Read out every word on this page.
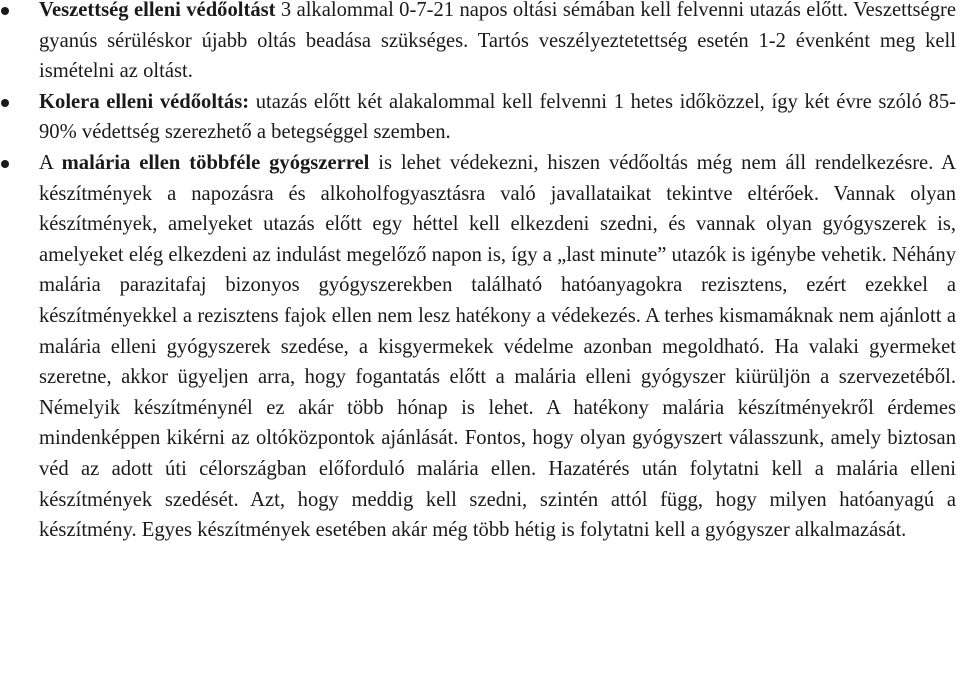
Veszettség elleni védőoltást 3 alkalommal 0-7-21 napos oltási sémában kell felvenni utazás előtt. Veszettségre gyanús sérüléskor újabb oltás beadása szükséges. Tartós veszélyeztetettség esetén 1-2 évenként meg kell ismételni az oltást.
Kolera elleni védőoltás: utazás előtt két alakalommal kell felvenni 1 hetes időközzel, így két évre szóló 85-90% védettség szerezhető a betegséggel szemben.
A malária ellen többféle gyógszerrel is lehet védekezni, hiszen védőoltás még nem áll rendelkezésre. A készítmények a napozásra és alkoholfogyasztásra való javallataikat tekintve eltérőek. Vannak olyan készítmények, amelyeket utazás előtt egy héttel kell elkezdeni szedni, és vannak olyan gyógyszerek is, amelyeket elég elkezdeni az indulást megelőző napon is, így a „last minute” utazók is igénybe vehetik. Néhány malária parazitafaj bizonyos gyógyszerekben található hatóanyagokra rezisztens, ezért ezekkel a készítményekkel a rezisztens fajok ellen nem lesz hatékony a védekezés. A terhes kismamáknak nem ajánlott a malária elleni gyógyszerek szedése, a kisgyermekek védelme azonban megoldható. Ha valaki gyermeket szeretne, akkor ügyeljen arra, hogy fogantatás előtt a malária elleni gyógyszer kiürüljön a szervezetéből. Némelyik készítménynél ez akár több hónap is lehet. A hatékony malária készítményekről érdemes mindenképpen kikérni az oltóközpontok ajánlását. Fontos, hogy olyan gyógyszert válasszunk, amely biztosan véd az adott úti célországban előforduló malária ellen. Hazatérés után folytatni kell a malária elleni készítmények szedését. Azt, hogy meddig kell szedni, szintén attól függ, hogy milyen hatóanyagú a készítmény. Egyes készítmények esetében akár még több hétig is folytatni kell a gyógyszer alkalmazását.
